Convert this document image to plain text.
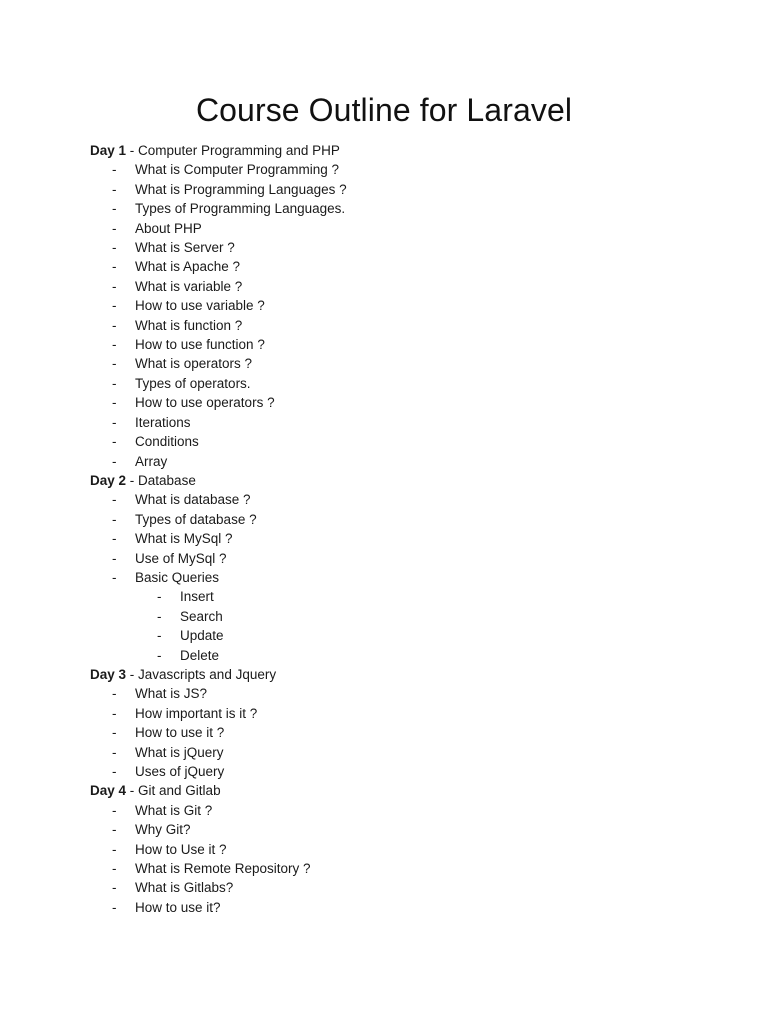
Course Outline for Laravel
Day 1 - Computer Programming and PHP
- What is Computer Programming ?
- What is Programming Languages ?
- Types of Programming Languages.
- About PHP
- What is Server ?
- What is Apache ?
- What is variable ?
- How to use variable ?
- What is function ?
- How to use function ?
- What is operators ?
- Types of operators.
- How to use operators ?
- Iterations
- Conditions
- Array
Day 2 - Database
- What is database ?
- Types of database ?
- What is MySql ?
- Use of MySql ?
- Basic Queries
- Insert
- Search
- Update
- Delete
Day 3 - Javascripts and Jquery
- What is JS?
- How important is it ?
- How to use it ?
- What is jQuery
- Uses of jQuery
Day 4 - Git and Gitlab
- What is Git ?
- Why Git?
- How to Use it ?
- What is Remote Repository ?
- What is Gitlabs?
- How to use it?
